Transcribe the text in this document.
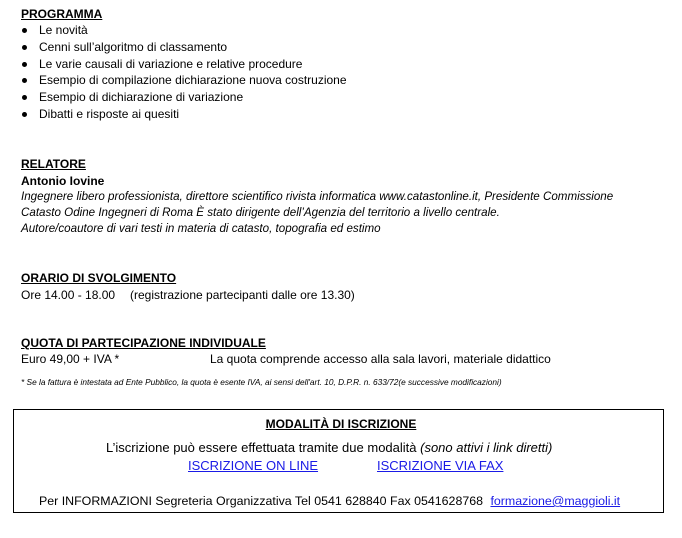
PROGRAMMA
Le novità
Cenni sull’algoritmo di classamento
Le varie causali di variazione e relative procedure
Esempio di compilazione dichiarazione nuova costruzione
Esempio di dichiarazione di variazione
Dibatti e risposte ai quesiti
RELATORE
Antonio Iovine
Ingegnere libero professionista, direttore scientifico rivista informatica www.catastonline.it, Presidente Commissione
Catasto Odine Ingegneri di Roma È stato dirigente dell’Agenzia del territorio a livello centrale.
Autore/coautore di vari testi in materia di catasto, topografia ed estimo
ORARIO DI SVOLGIMENTO
Ore 14.00 - 18.00 (registrazione partecipanti dalle ore 13.30)
QUOTA DI PARTECIPAZIONE INDIVIDUALE
Euro 49,00 + IVA *	La quota comprende accesso alla sala lavori, materiale didattico
* Se la fattura è intestata ad Ente Pubblico, la quota è esente IVA, ai sensi dell'art. 10, D.P.R. n. 633/72(e successive modificazioni)
MODALITÀ DI ISCRIZIONE
L’iscrizione può essere effettuata tramite due modalità (sono attivi i link diretti)
ISCRIZIONE ON LINE	ISCRIZIONE VIA FAX
Per INFORMAZIONI Segreteria Organizzativa Tel 0541 628840 Fax 0541628768 formazione@maggioli.it
